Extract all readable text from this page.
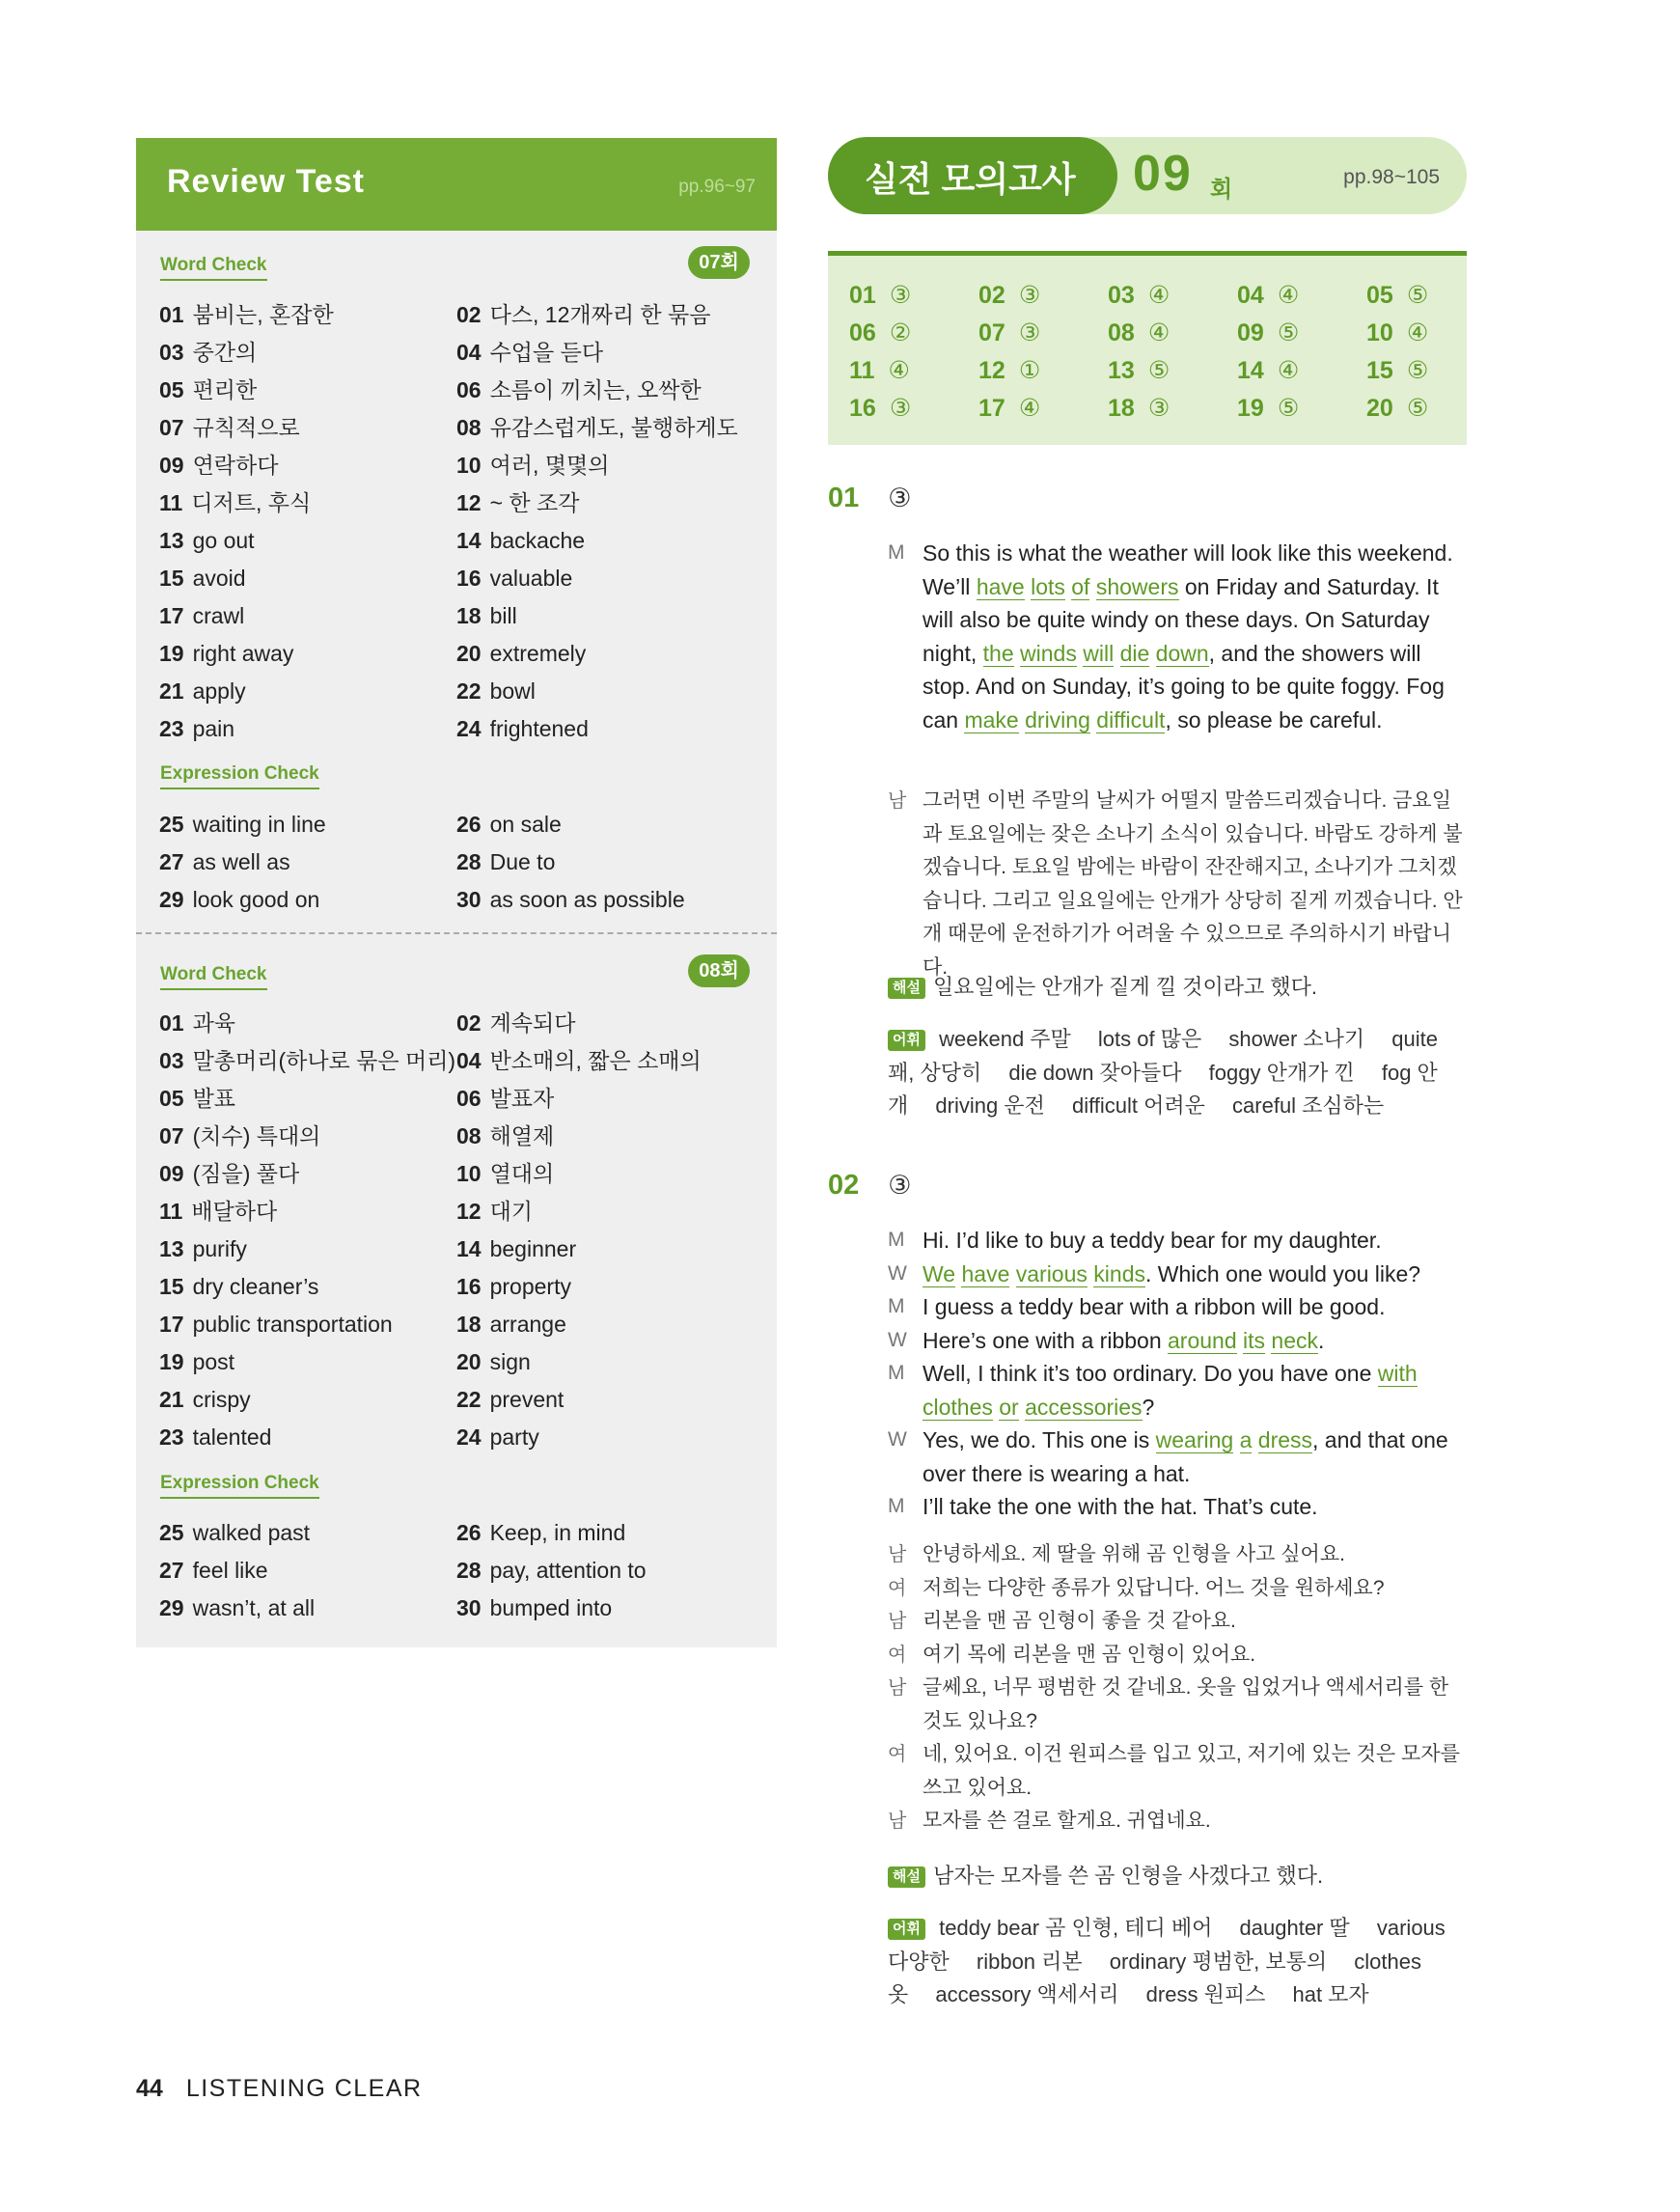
Review Test	pp.96~97
Word Check	07회
01 붐비는, 혼잡한	02 다스, 12개짜리 한 묶음
03 중간의	04 수업을 듣다
05 편리한	06 소름이 끼치는, 오싹한
07 규칙적으로	08 유감스럽게도, 불행하게도
09 연락하다	10 여러, 몇몇의
11 디저트, 후식	12 ~ 한 조각
13 go out	14 backache
15 avoid	16 valuable
17 crawl	18 bill
19 right away	20 extremely
21 apply	22 bowl
23 pain	24 frightened
Expression Check
25 waiting in line	26 on sale
27 as well as	28 Due to
29 look good on	30 as soon as possible
Word Check	08회
01 과육	02 계속되다
03 말총머리(하나로 묶은 머리) 04 반소매의, 짧은 소매의
05 발표	06 발표자
07 (치수) 특대의	08 해열제
09 (짐을) 풀다	10 열대의
11 배달하다	12 대기
13 purify	14 beginner
15 dry cleaner’s	16 property
17 public transportation	18 arrange
19 post	20 sign
21 crispy	22 prevent
23 talented	24 party
Expression Check
25 walked past	26 Keep, in mind
27 feel like	28 pay, attention to
29 wasn’t, at all	30 bumped into
실전 모의고사 09 회	pp.98~105
01 ③	02 ③	03 ④	04 ④	05 ⑤
06 ②	07 ③	08 ④	09 ⑤	10 ④
11 ④	12 ①	13 ⑤	14 ④	15 ⑤
16 ③	17 ④	18 ③	19 ⑤	20 ⑤
01 ③
M So this is what the weather will look like this weekend. We’ll have lots of showers on Friday and Saturday. It will also be quite windy on these days. On Saturday night, the winds will die down, and the showers will stop. And on Sunday, it’s going to be quite foggy. Fog can make driving difficult, so please be careful.
남 그러면 이번 주말의 날씨가 어떨지 말씀드리겠습니다. 금요일과 토요일에는 잦은 소나기 소식이 있습니다. 바람도 강하게 불겠습니다. 토요일 밤에는 바람이 잔잔해지고, 소나기가 그치겠습니다. 그리고 일요일에는 안개가 상당히 짙게 끼겠습니다. 안개 때문에 운전하기가 어려울 수 있으므로 주의하시기 바랍니다.
해설 일요일에는 안개가 짙게 낄 것이라고 했다.
어휘 weekend 주말 lots of 많은 shower 소나기 quite 꽤, 상당히 die down 잦아들다 foggy 안개가 낀 fog 안개 driving 운전 difficult 어려운 careful 조심하는
02 ③
M Hi. I’d like to buy a teddy bear for my daughter.
W We have various kinds. Which one would you like?
M I guess a teddy bear with a ribbon will be good.
W Here’s one with a ribbon around its neck.
M Well, I think it’s too ordinary. Do you have one with clothes or accessories?
W Yes, we do. This one is wearing a dress, and that one over there is wearing a hat.
M I’ll take the one with the hat. That’s cute.
남 안녕하세요. 제 딸을 위해 곰 인형을 사고 싶어요.
여 저희는 다양한 종류가 있답니다. 어느 것을 원하세요?
남 리본을 맨 곰 인형이 좋을 것 같아요.
여 여기 목에 리본을 맨 곰 인형이 있어요.
남 글쎄요, 너무 평범한 것 같네요. 옷을 입었거나 액세서리를 한 것도 있나요?
여 네, 있어요. 이건 원피스를 입고 있고, 저기에 있는 것은 모자를 쓰고 있어요.
남 모자를 쓴 걸로 할게요. 귀엽네요.
해설 남자는 모자를 쓴 곰 인형을 사겠다고 했다.
어휘 teddy bear 곰 인형, 테디 베어 daughter 딸 various 다양한 ribbon 리본 ordinary 평범한, 보통의 clothes 옷 accessory 액세서리 dress 원피스 hat 모자
44 LISTENING CLEAR
